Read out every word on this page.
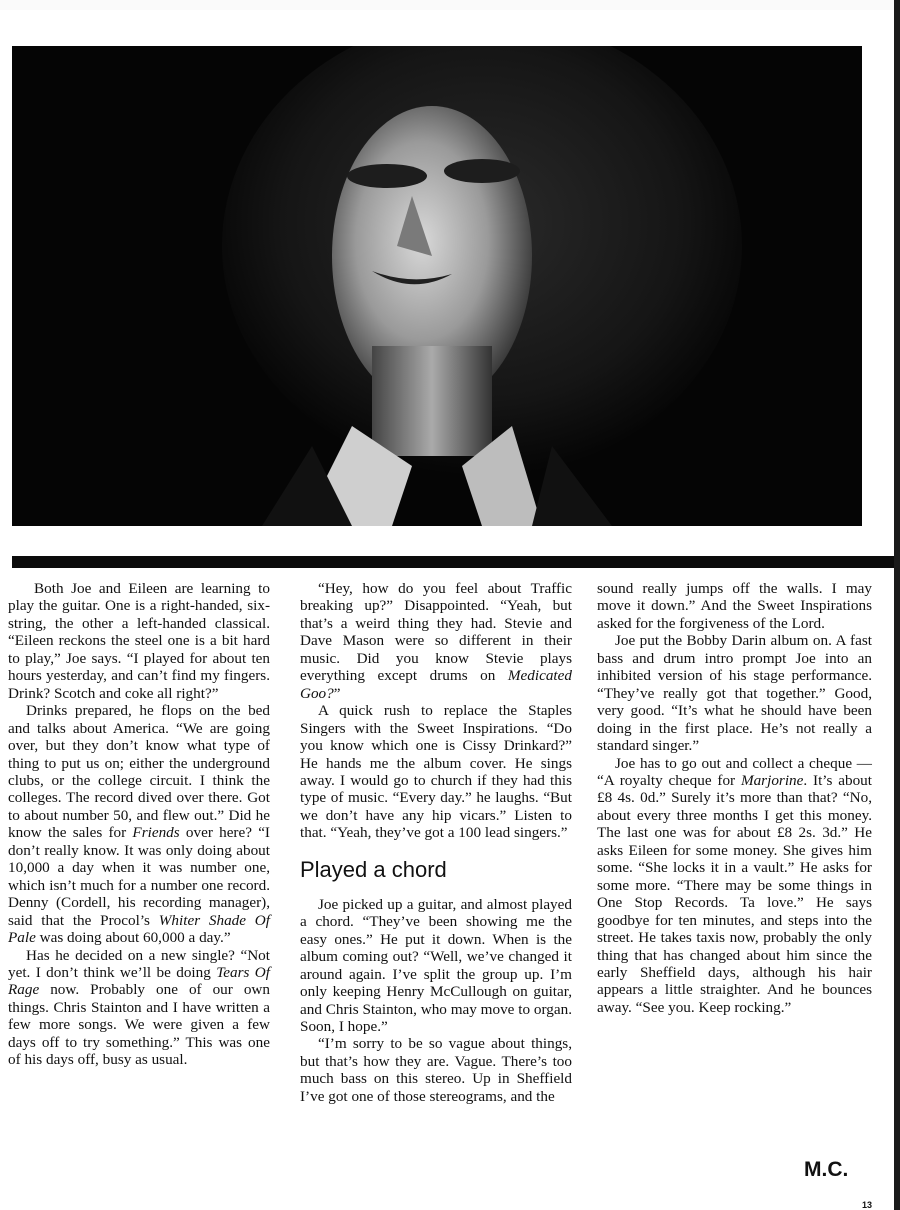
Both Joe and Eileen are learning to play the guitar. One is a right-handed, six-string, the other a left-handed classical. “Eileen reckons the steel one is a bit hard to play,” Joe says. “I played for about ten hours yesterday, and can’t find my fingers. Drink? Scotch and coke all right?”

Drinks prepared, he flops on the bed and talks about America. “We are going over, but they don’t know what type of thing to put us on; either the underground clubs, or the college circuit. I think the colleges. The record dived over there. Got to about number 50, and flew out.” Did he know the sales for Friends over here? “I don’t really know. It was only doing about 10,000 a day when it was number one, which isn’t much for a number one record. Denny (Cordell, his recording manager), said that the Procol’s Whiter Shade Of Pale was doing about 60,000 a day.”

Has he decided on a new single? “Not yet. I don’t think we’ll be doing Tears Of Rage now. Probably one of our own things. Chris Stainton and I have written a few more songs. We were given a few days off to try something.” This was one of his days off, busy as usual.

“Hey, how do you feel about Traffic breaking up?” Disappointed. “Yeah, but that’s a weird thing they had. Stevie and Dave Mason were so different in their music. Did you know Stevie plays everything except drums on Medicated Goo?”

A quick rush to replace the Staples Singers with the Sweet Inspirations. “Do you know which one is Cissy Drinkard?” He hands me the album cover. He sings away. I would go to church if they had this type of music. “Every day.” he laughs. “But we don’t have any hip vicars.” Listen to that. “Yeah, they’ve got a 100 lead singers.”

Played a chord

Joe picked up a guitar, and almost played a chord. “They’ve been showing me the easy ones.” He put it down. When is the album coming out? “Well, we’ve changed it around again. I’ve split the group up. I’m only keeping Henry McCullough on guitar, and Chris Stainton, who may move to organ. Soon, I hope.”

“I’m sorry to be so vague about things, but that’s how they are. Vague. There’s too much bass on this stereo. Up in Sheffield I’ve got one of those stereograms, and the

sound really jumps off the walls. I may move it down.” And the Sweet Inspirations asked for the forgiveness of the Lord.

Joe put the Bobby Darin album on. A fast bass and drum intro prompt Joe into an inhibited version of his stage performance. “They’ve really got that together.” Good, very good. “It’s what he should have been doing in the first place. He’s not really a standard singer.”

Joe has to go out and collect a cheque — “A royalty cheque for Marjorine. It’s about £8 4s. 0d.” Surely it’s more than that? “No, about every three months I get this money. The last one was for about £8 2s. 3d.” He asks Eileen for some money. She gives him some. “She locks it in a vault.” He asks for some more. “There may be some things in One Stop Records. Ta love.” He says goodbye for ten minutes, and steps into the street. He takes taxis now, probably the only thing that has changed about him since the early Sheffield days, although his hair appears a little straighter. And he bounces away. “See you. Keep rocking.”

M.C.
13
